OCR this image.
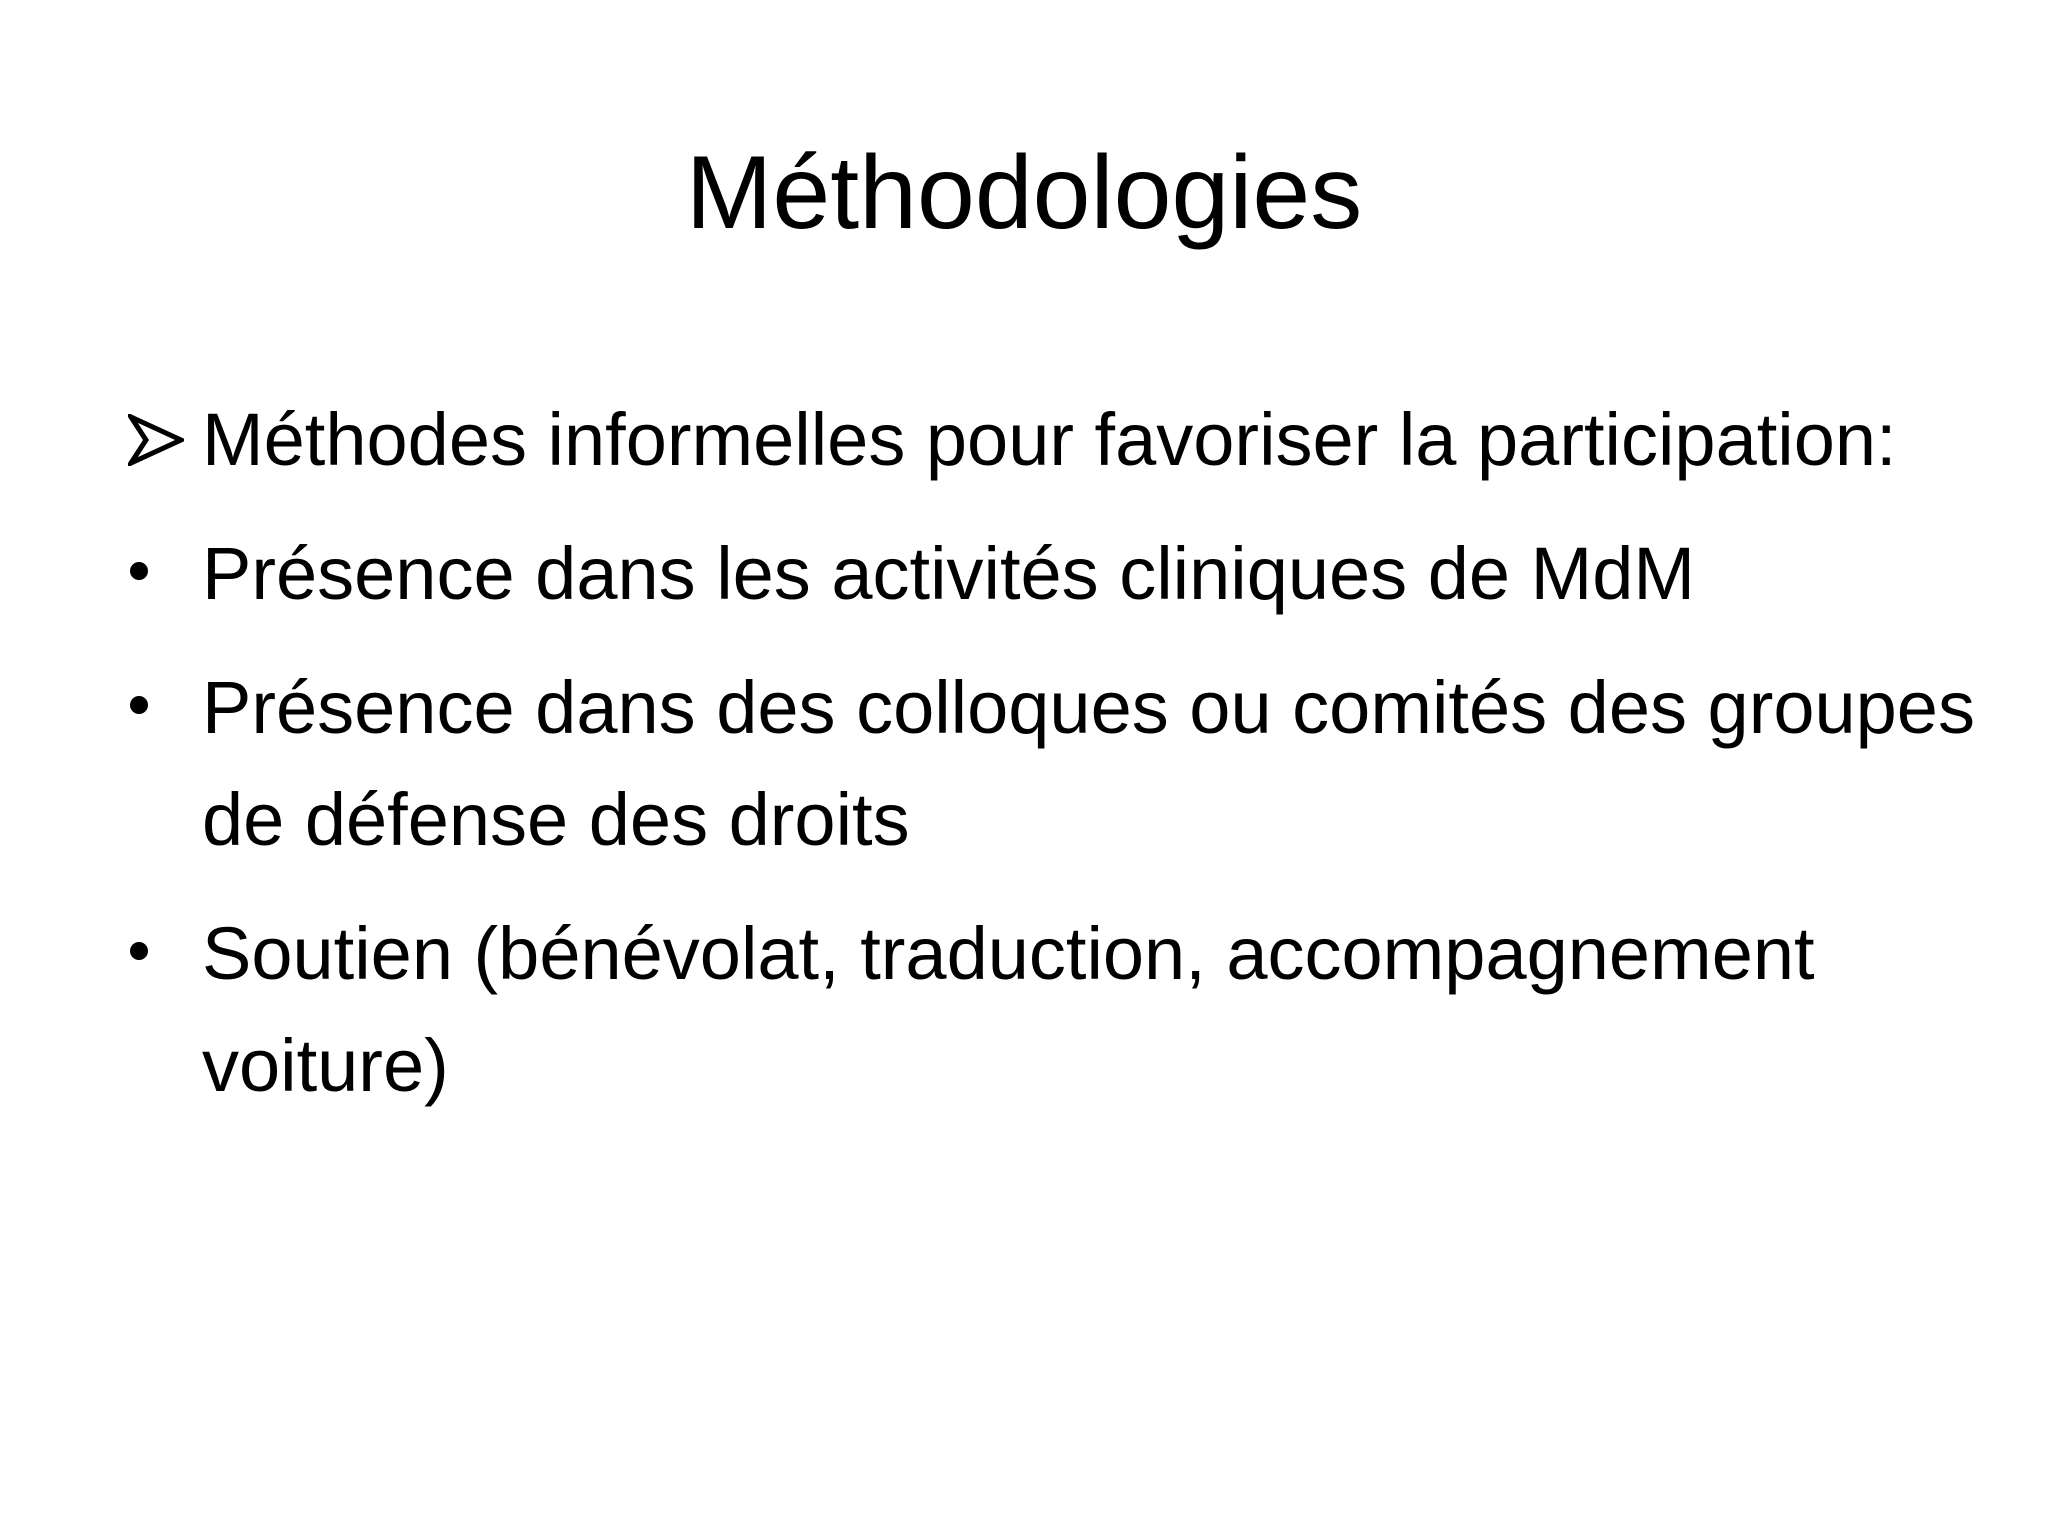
Méthodologies
Méthodes informelles pour favoriser la participation:
Présence dans les activités cliniques de MdM
Présence dans des colloques ou comités des groupes de défense des droits
Soutien (bénévolat, traduction, accompagnement voiture)
